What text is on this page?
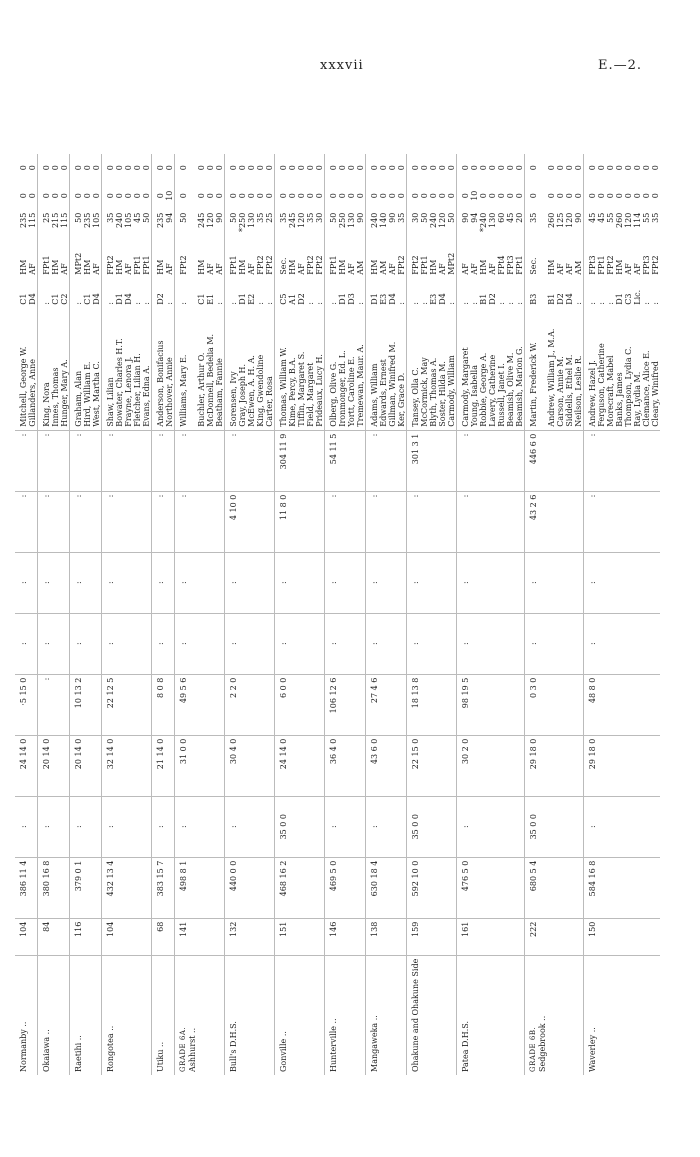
xxxvii	E.—2.
Normanby ..	104	386 11 4	:	24 14 0	·5 15 0	:	:	:	:	Mitchell, George W.	C1	HM	235	0	0
										Gillanders, Anne	D4	AF	115	0	0
Okaiawa ..	84	380 16 8	:	20 14 0	:	:	:	:	:	King, Nora	:	FPt1	25	0	0
										Innes, Thomas	C1	HM	215	0	0
										Hunger, Mary A.	C2	AF	115	0	0
Raetihi ..	116	379 0 1	:	20 14 0	10 13 2	:	:	:	:	Graham, Alan	:	MPt2	50	0	0
										Hird, William E.	C1	HM	235	0	0
										West, Martha C.	D4	AF	105	0	0
Rongotea ..	104	432 13 4	:	32 14 0	22 12 5	:	:	:	:	Shaw, Lilian	:	FPt2	35	0	0
										Bowater, Charles H.T.	D1	HM	240	0	0
										Frayne, Lenora J.	D4	AF	105	0	0
										Fletcher, Lilian H.	:	FPt1	45	0	0
										Evans, Edna A.	:	FPt1	50	0	0
Utiku ..	68	383 15 7	:	21 14 0	8 0 8	:	:	:	:	Anderson, Bonifacius	D2	HM	235	0	0
										Northover, Annie	:	AF	94	10	0

GRADE 6A. Ashhurst ..	141	498 8 1	:	31 0 0	49 5 6	:	:	:	:	Williams, Mary E.	:	FPt2	50	0	0
										Buchler, Arthur O.	C1	HM	245	0	0
										McDonnell, Bedelia M.	E1	AF	120	0	0
										Beatham, Fannie	:	AF	90	0	0
Bull's D.H.S.	132	440 0 0	:	30 4 0	2 2 0	:	:	4 10 0	:	Sorensen, Ivy	:	FPt1	50	0	0
										Gray, Joseph H.	D1	HM	*250	0	0
										McEwen, A. H. A.	E2	AF	130	0	0
										King, Gwendoline	:	FPt2	35	0	0
										Carter, Rosa	:	FPt2	25	0	0
Gonville ..	151	468 16 2	35 0 0	24 14 0	6 0 0	:	:	11 8 0	304 11 9	Thomas, William W.	C5	Sec.	35	0	0
										Kime, Percy, B.A.	A1	HM	245	0	0
										Tiffin, Margaret S.	D2	AF	120	0	0
										Field, Margaret	:	FPt2	35	0	0
										Prideaux, Lucy H.	:	FPt2	30	0	0
Hunterville ..	146	469 5 0	:	36 4 0	106 12 6	:	:	:	54 11 5	Olberg, Olive G.	:	FPt1	50	0	0
										Ironmonger, Ed. L.	D1	HM	250	0	0
										Yortt, Caroline E.	D3	AF	130	0	0
										Tremewan, Maur. A.	:	AM	90	0	0
Mangaweka ..	138	630 18 4	:	43 6 0	27 4 6	:	:	:	:	Adams, William	D1	HM	240	0	0
										Edwards, Ernest	E3	AM	140	0	0
										Gillman, Winifred M.	D4	AF	90	0	0
										Ker, Grace D.	:	FPt2	35	0	0
Ohakune and Ohakune Side	159	592 10 0	35 0 0	22 15 0	18 13 8	:	:	:	301 3 1	Tansey, Olla C.	:	FPt2	30	0	0
										McCormick, May	:	FPt1	50	0	0
										Blyth, Thomas A.	E3	HM	240	0	0
										Soster, Hilda M.	D4	AF	120	0	0
										Carmody, William	:	MPt2	50	0	0
Patea D.H.S.	161	476 5 0	:	30 2 0	98 19 5	:	:	:	:	Carmody, Margaret	:	AF	90	0	0
										Young, Isabella	:	AF	94	10	0
										Robbie, George A.	B1	HM	*240	0	0
										Lavery, Catherine	D2	AF	130	0	0
										Russell, Janet I.	:	FPt4	60	0	0
										Beamish, Olive M.	:	FPt3	45	0	0
										Beamish, Marion G.	:	FPt1	20	0	0

GRADE 6B. Sedgebrook ..	222	680 5 4	35 0 0	29 18 0	0 3 0	:	:	43 2 6	446 6 0	Martin, Frederick W.	B3	Sec.	35	0	0
										Andrew, William J., M.A.	B1	HM	260	0	0
										Carson, Annie M.	D2	AF	125	0	0
										Siddells, Ethel M.	D4	AF	120	0	0
										Neilson, Leslie R.	:	AM	90	0	0
Waverley ..	150	584 16 8	:	29 18 0	48 8 0	:	:	:	:	Andrew, Hazel J.	:	FPt3	45	0	0
										Ferguson, Catherine	:	FPt1	45	0	0
										Morecraft, Mabel	:	FPt2	55	0	0
										Banks, James	D1	HM	260	0	0
										Thompson, Lydia C.	C3	AF	120	0	0
										Ray, Lydia M.	Lic.	AF	114	0	0
										Clemance, Alice E.	:	FPt3	55	0	0
										Cleary, Winifred	:	FPt2	35	0	0
